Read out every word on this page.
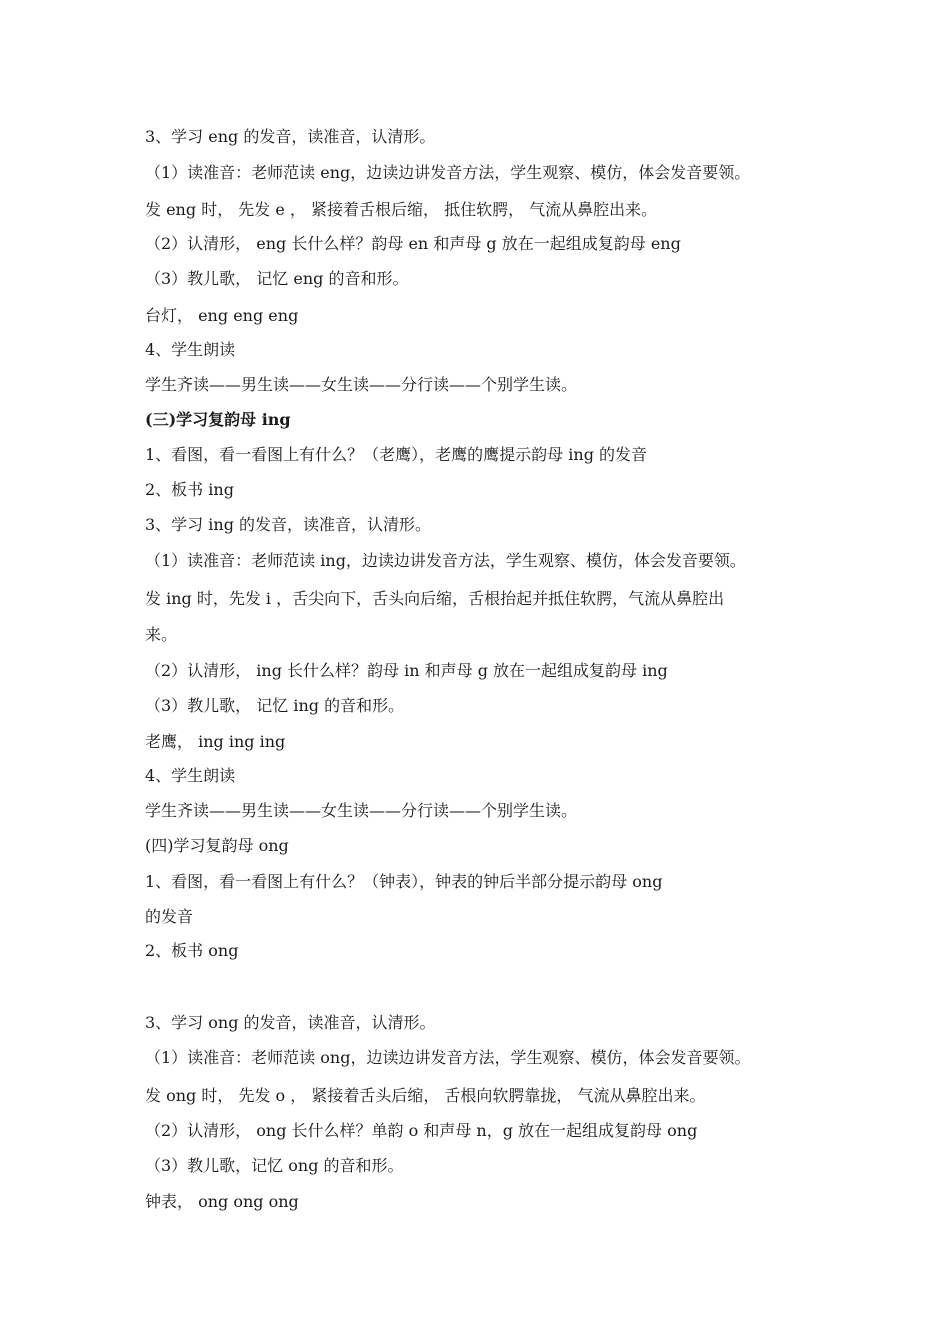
3、学习 eng 的发音，读准音，认清形。
（1）读准音：老师范读 eng，边读边讲发音方法，学生观察、模仿，体会发音要领。
发 eng 时， 先发 e ， 紧接着舌根后缩， 抵住软腭， 气流从鼻腔出来。
（2）认清形， eng 长什么样？韵母 en 和声母 g 放在一起组成复韵母 eng
（3）教儿歌， 记忆 eng 的音和形。
台灯， eng eng eng
4、学生朗读
学生齐读——男生读——女生读——分行读——个别学生读。
(三)学习复韵母 ing
1、看图，看一看图上有什么？（老鹰），老鹰的鹰提示韵母 ing 的发音
2、板书 ing
3、学习 ing 的发音，读准音，认清形。
（1）读准音：老师范读 ing，边读边讲发音方法，学生观察、模仿，体会发音要领。
发 ing 时，先发 i ，舌尖向下，舌头向后缩，舌根抬起并抵住软腭，气流从鼻腔出
来。
（2）认清形， ing 长什么样？韵母 in 和声母 g 放在一起组成复韵母 ing
（3）教儿歌， 记忆 ing 的音和形。
老鹰， ing ing ing
4、学生朗读
学生齐读——男生读——女生读——分行读——个别学生读。
(四)学习复韵母 ong
1、看图，看一看图上有什么？（钟表），钟表的钟后半部分提示韵母 ong
的发音
2、板书 ong
3、学习 ong 的发音，读准音，认清形。
（1）读准音：老师范读 ong，边读边讲发音方法，学生观察、模仿，体会发音要领。
发 ong 时， 先发 o ， 紧接着舌头后缩， 舌根向软腭靠拢， 气流从鼻腔出来。
（2）认清形， ong 长什么样？单韵 o 和声母 n，g 放在一起组成复韵母 ong
（3）教儿歌，记忆 ong 的音和形。
钟表， ong ong ong
